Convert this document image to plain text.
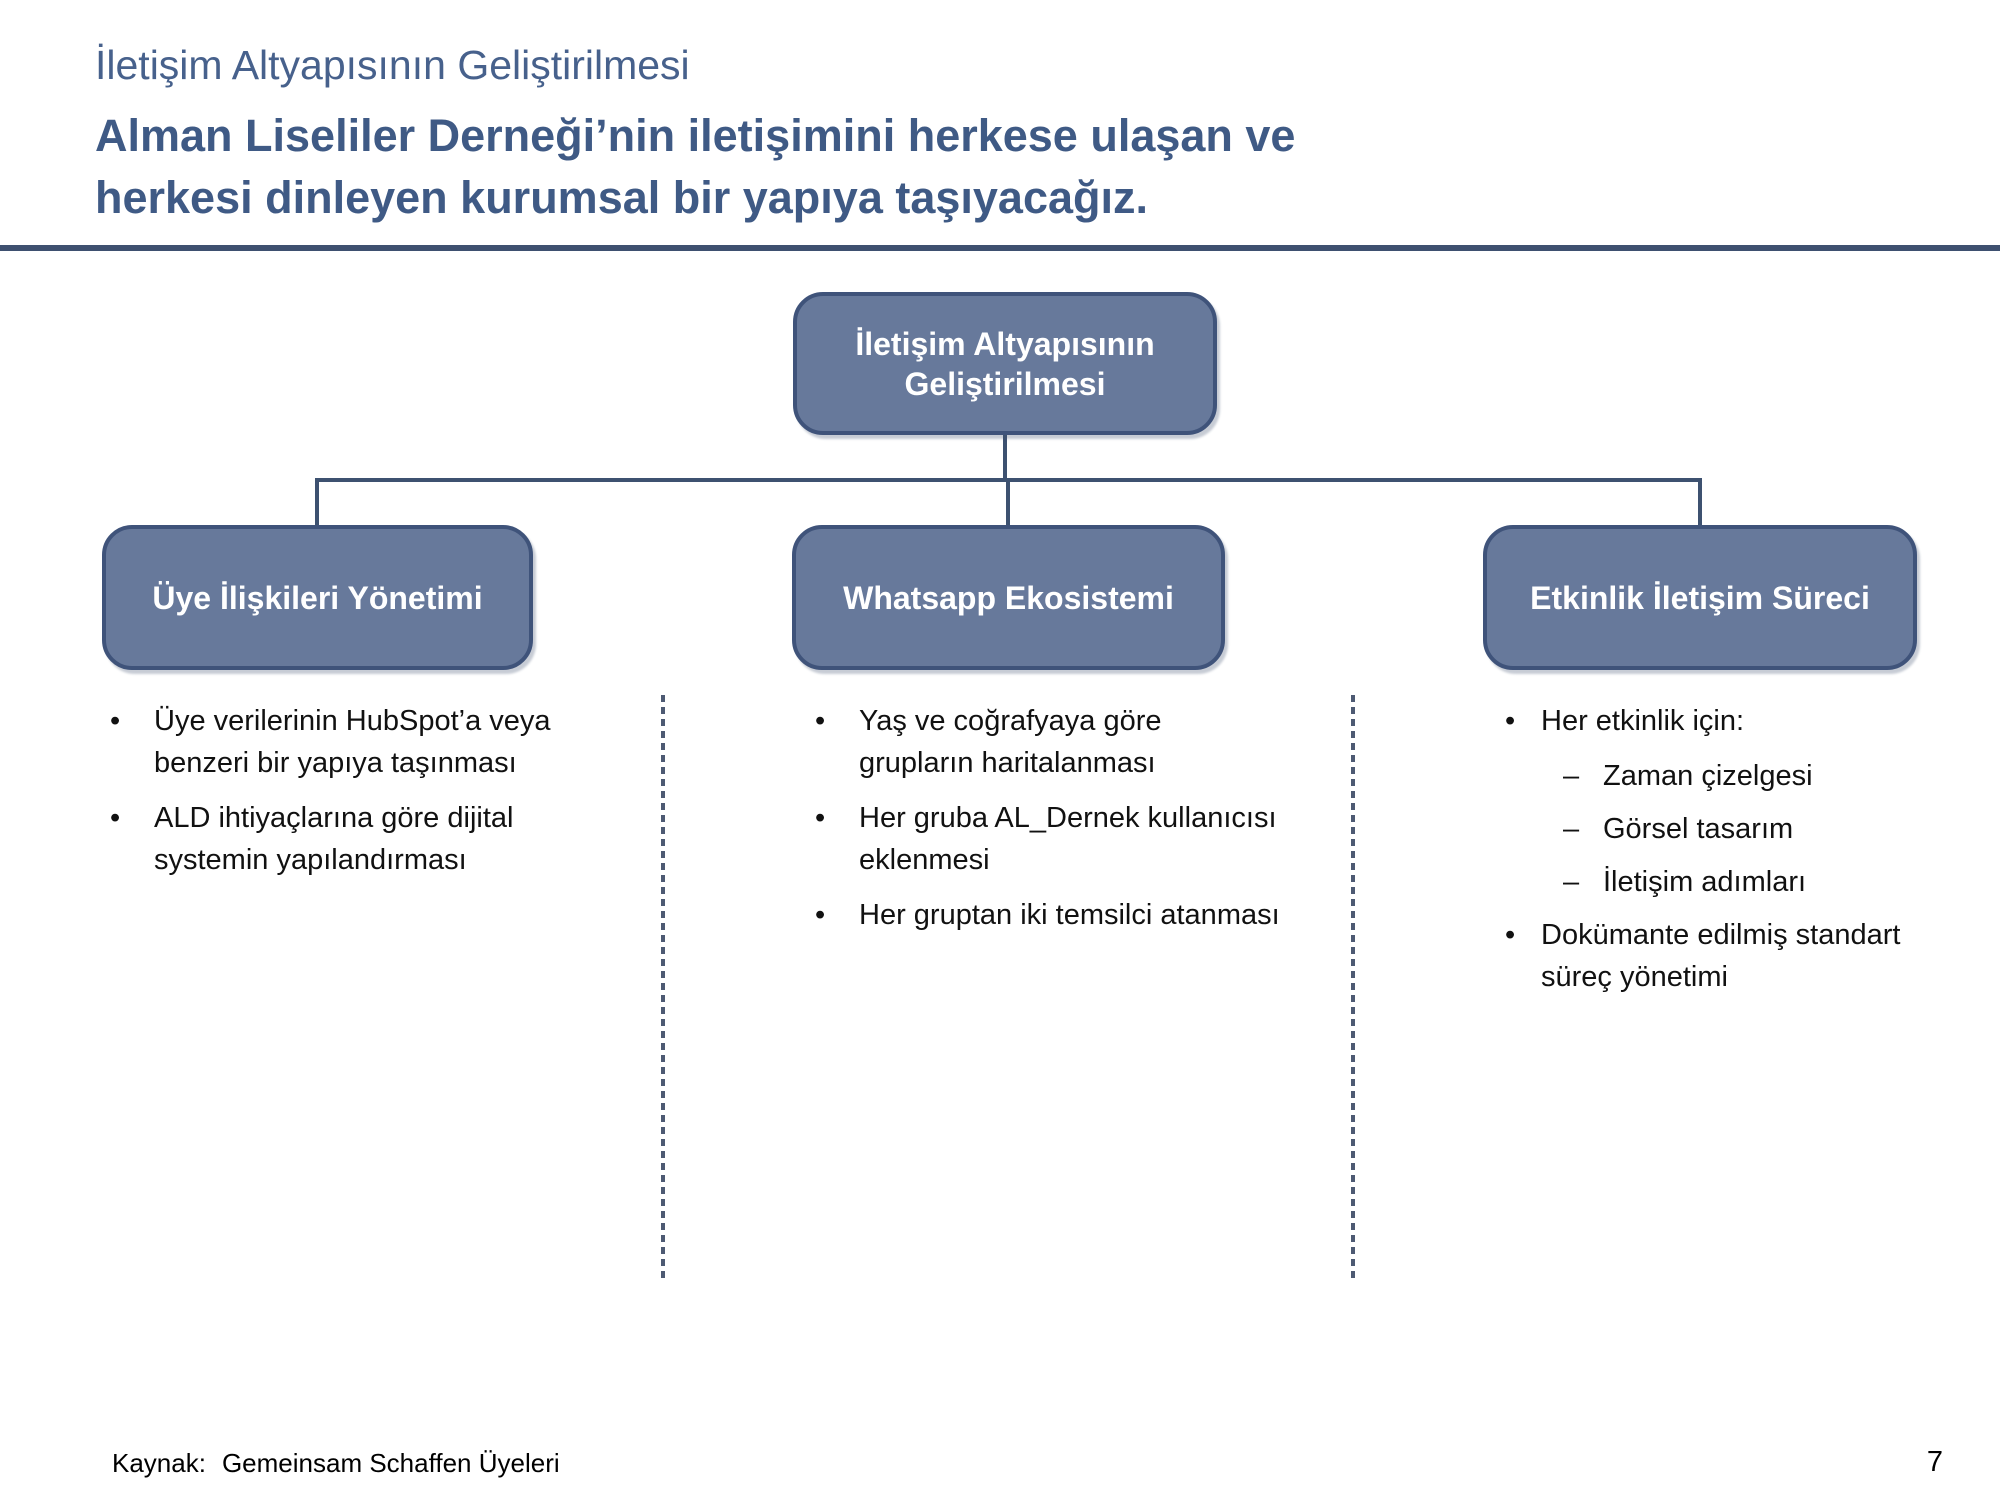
İletişim Altyapısının Geliştirilmesi
Alman Liseliler Derneği’nin iletişimini herkese ulaşan ve
herkesi dinleyen kurumsal bir yapıya taşıyacağız.
İletişim Altyapısının Geliştirilmesi
Üye İlişkileri Yönetimi	Whatsapp Ekosistemi	Etkinlik İletişim Süreci
•	Üye verilerinin HubSpot’a veya benzeri bir yapıya taşınması
•	ALD ihtiyaçlarına göre dijital systemin yapılandırması
•	Yaş ve coğrafyaya göre grupların haritalanması
•	Her gruba AL_Dernek kullanıcısı eklenmesi
•	Her gruptan iki temsilci atanması
• Her etkinlik için:
– Zaman çizelgesi
– Görsel tasarım
– İletişim adımları
• Dokümante edilmiş standart süreç yönetimi
Kaynak: Gemeinsam Schaffen Üyeleri	7
